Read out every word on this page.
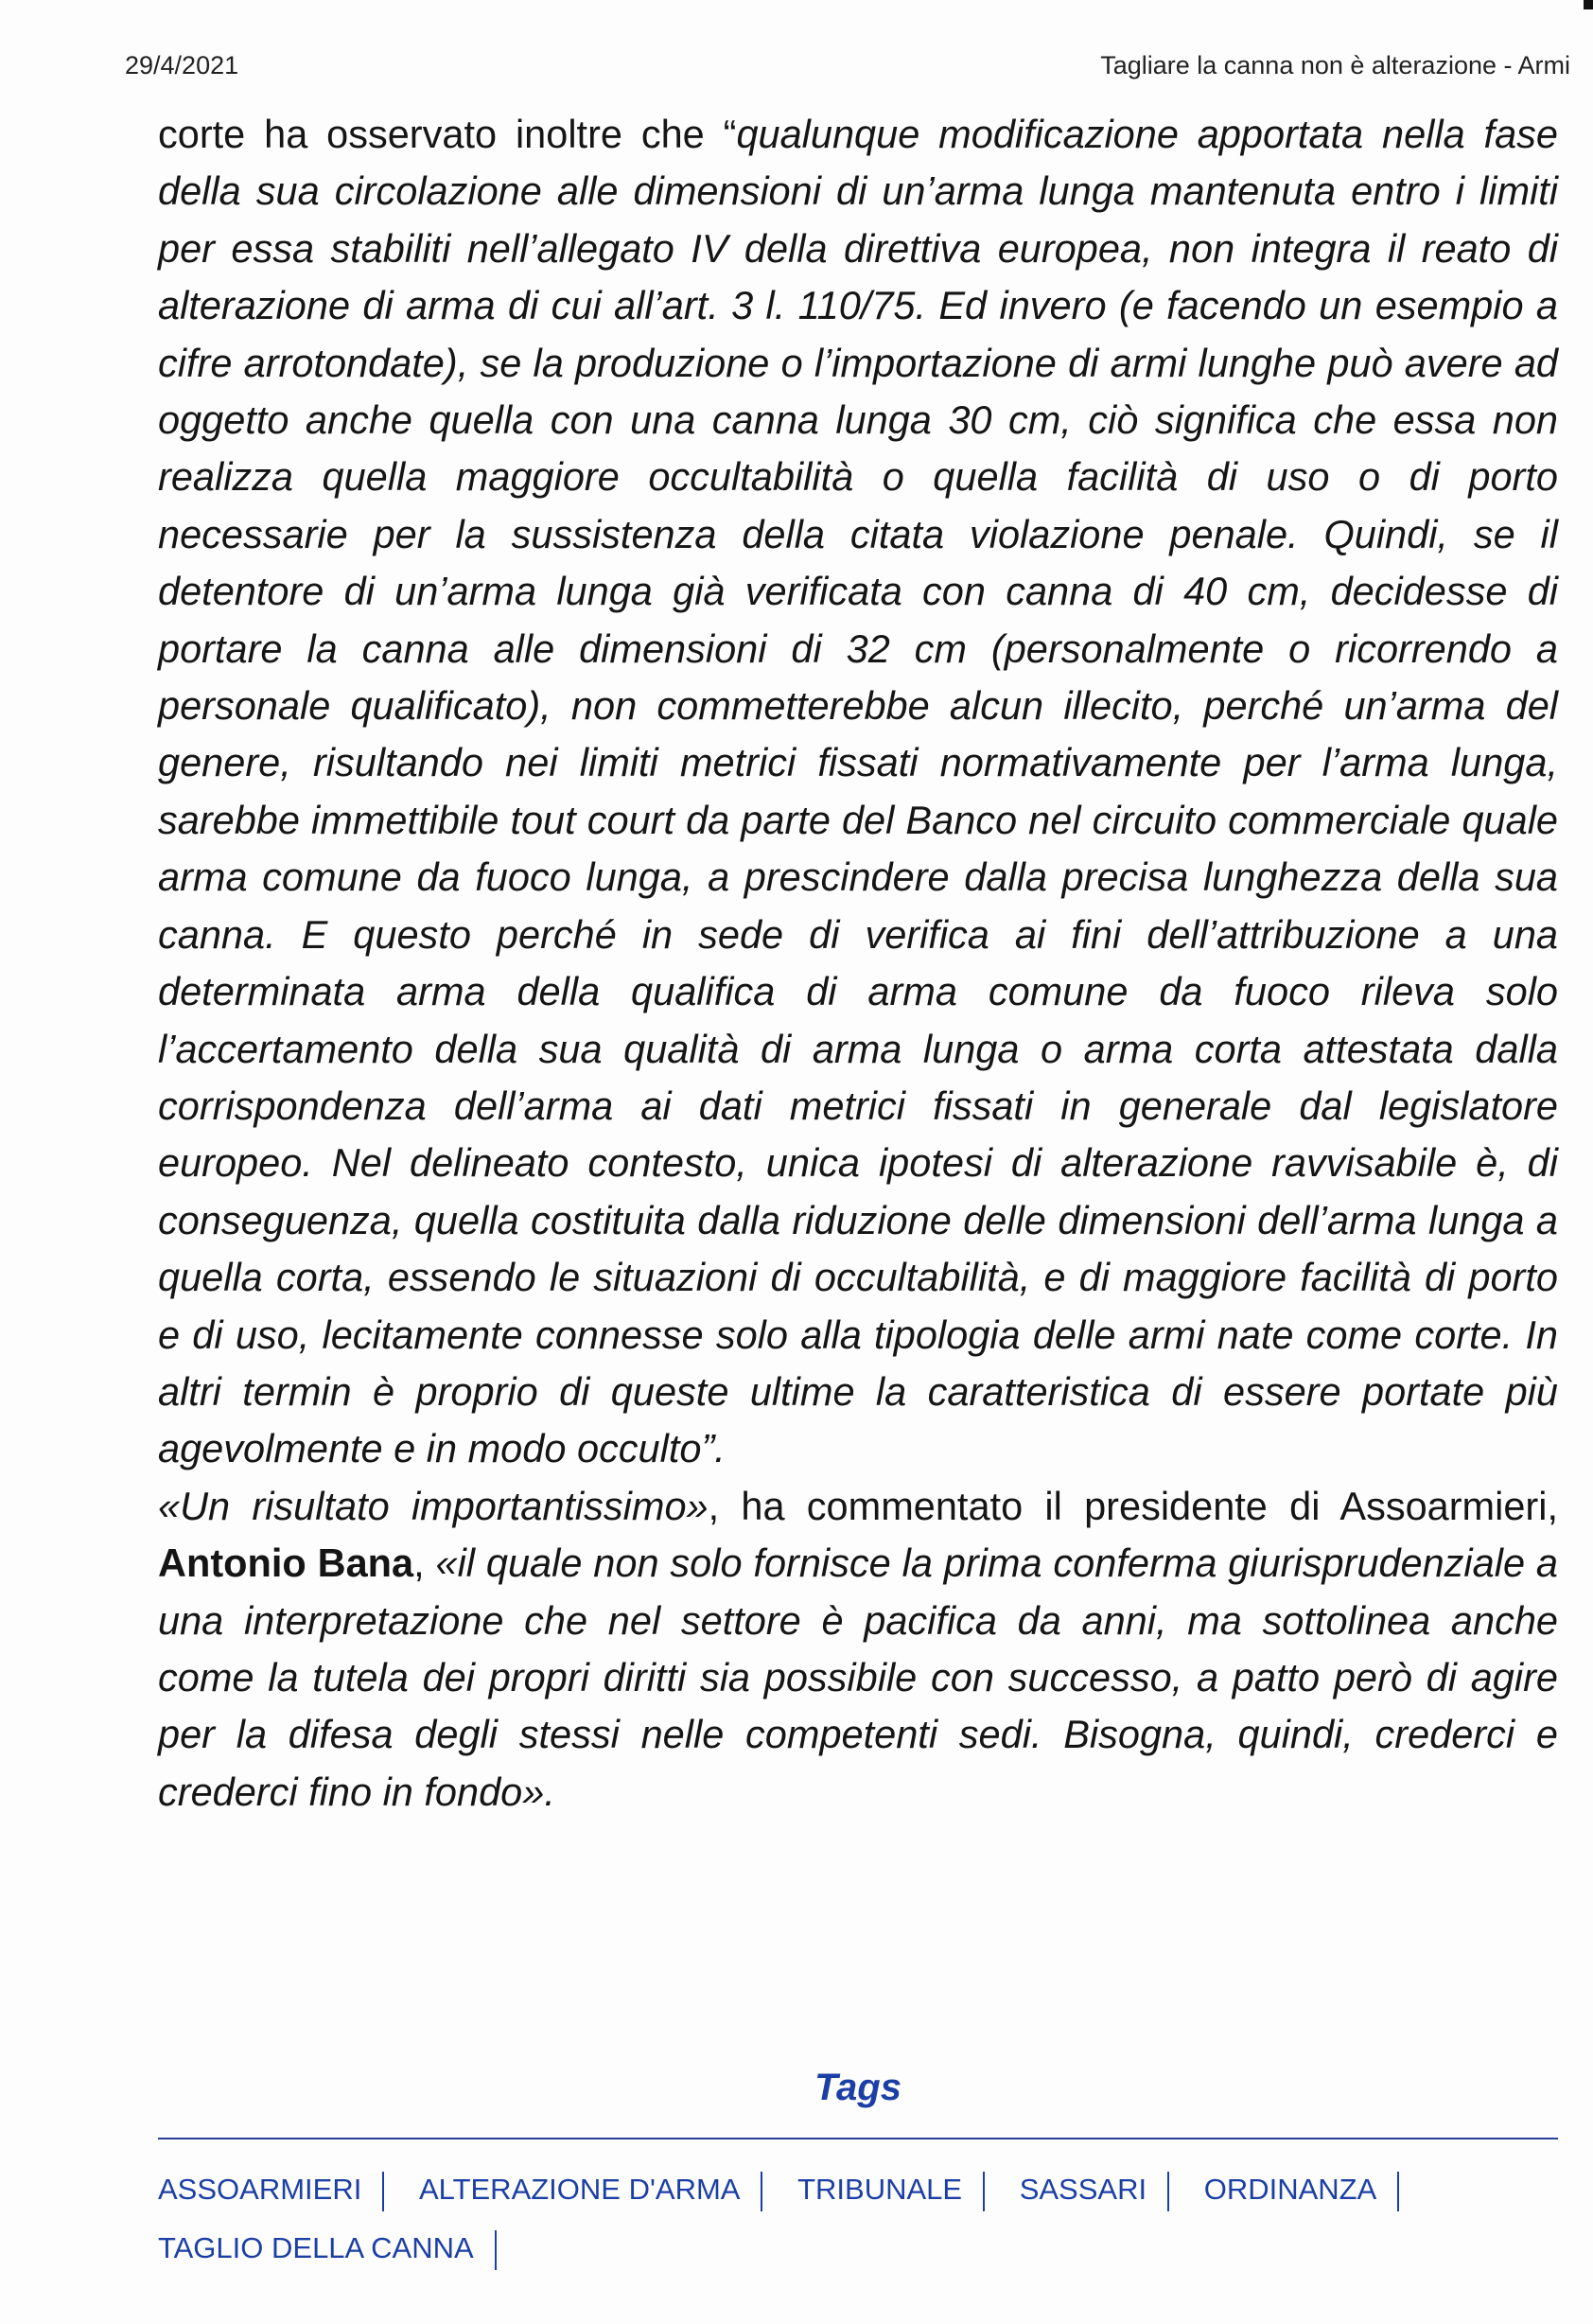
29/4/2021	Tagliare la canna non è alterazione - Armi

corte ha osservato inoltre che “qualunque modificazione apportata nella fase della sua circolazione alle dimensioni di un’arma lunga mantenuta entro i limiti per essa stabiliti nell’allegato IV della direttiva europea, non integra il reato di alterazione di arma di cui all’art. 3 l. 110/75. Ed invero (e facendo un esempio a cifre arrotondate), se la produzione o l’importazione di armi lunghe può avere ad oggetto anche quella con una canna lunga 30 cm, ciò significa che essa non realizza quella maggiore occultabilità o quella facilità di uso o di porto necessarie per la sussistenza della citata violazione penale. Quindi, se il detentore di un’arma lunga già verificata con canna di 40 cm, decidesse di portare la canna alle dimensioni di 32 cm (personalmente o ricorrendo a personale qualificato), non commetterebbe alcun illecito, perché un’arma del genere, risultando nei limiti metrici fissati normativamente per l’arma lunga, sarebbe immettibile tout court da parte del Banco nel circuito commerciale quale arma comune da fuoco lunga, a prescindere dalla precisa lunghezza della sua canna. E questo perché in sede di verifica ai fini dell’attribuzione a una determinata arma della qualifica di arma comune da fuoco rileva solo l’accertamento della sua qualità di arma lunga o arma corta attestata dalla corrispondenza dell’arma ai dati metrici fissati in generale dal legislatore europeo. Nel delineato contesto, unica ipotesi di alterazione ravvisabile è, di conseguenza, quella costituita dalla riduzione delle dimensioni dell’arma lunga a quella corta, essendo le situazioni di occultabilità, e di maggiore facilità di porto e di uso, lecitamente connesse solo alla tipologia delle armi nate come corte. In altri termin è proprio di queste ultime la caratteristica di essere portate più agevolmente e in modo occulto”.

«Un risultato importantissimo», ha commentato il presidente di Assoarmieri, Antonio Bana, «il quale non solo fornisce la prima conferma giurisprudenziale a una interpretazione che nel settore è pacifica da anni, ma sottolinea anche come la tutela dei propri diritti sia possibile con successo, a patto però di agire per la difesa degli stessi nelle competenti sedi. Bisogna, quindi, crederci e crederci fino in fondo».

Tags
ASSOARMIERI ALTERAZIONE D'ARMA TRIBUNALE SASSARI ORDINANZA TAGLIO DELLA CANNA
